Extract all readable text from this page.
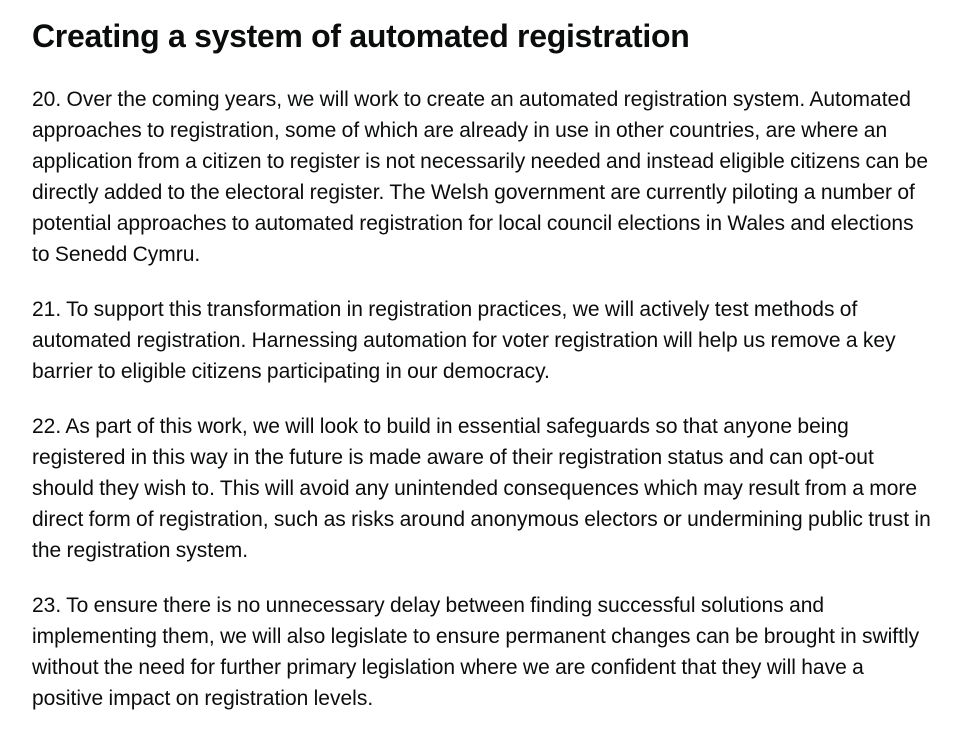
Creating a system of automated registration

20. Over the coming years, we will work to create an automated registration system. Automated approaches to registration, some of which are already in use in other countries, are where an application from a citizen to register is not necessarily needed and instead eligible citizens can be directly added to the electoral register. The Welsh government are currently piloting a number of potential approaches to automated registration for local council elections in Wales and elections to Senedd Cymru.

21. To support this transformation in registration practices, we will actively test methods of automated registration. Harnessing automation for voter registration will help us remove a key barrier to eligible citizens participating in our democracy.

22. As part of this work, we will look to build in essential safeguards so that anyone being registered in this way in the future is made aware of their registration status and can opt-out should they wish to. This will avoid any unintended consequences which may result from a more direct form of registration, such as risks around anonymous electors or undermining public trust in the registration system.

23. To ensure there is no unnecessary delay between finding successful solutions and implementing them, we will also legislate to ensure permanent changes can be brought in swiftly without the need for further primary legislation where we are confident that they will have a positive impact on registration levels.
